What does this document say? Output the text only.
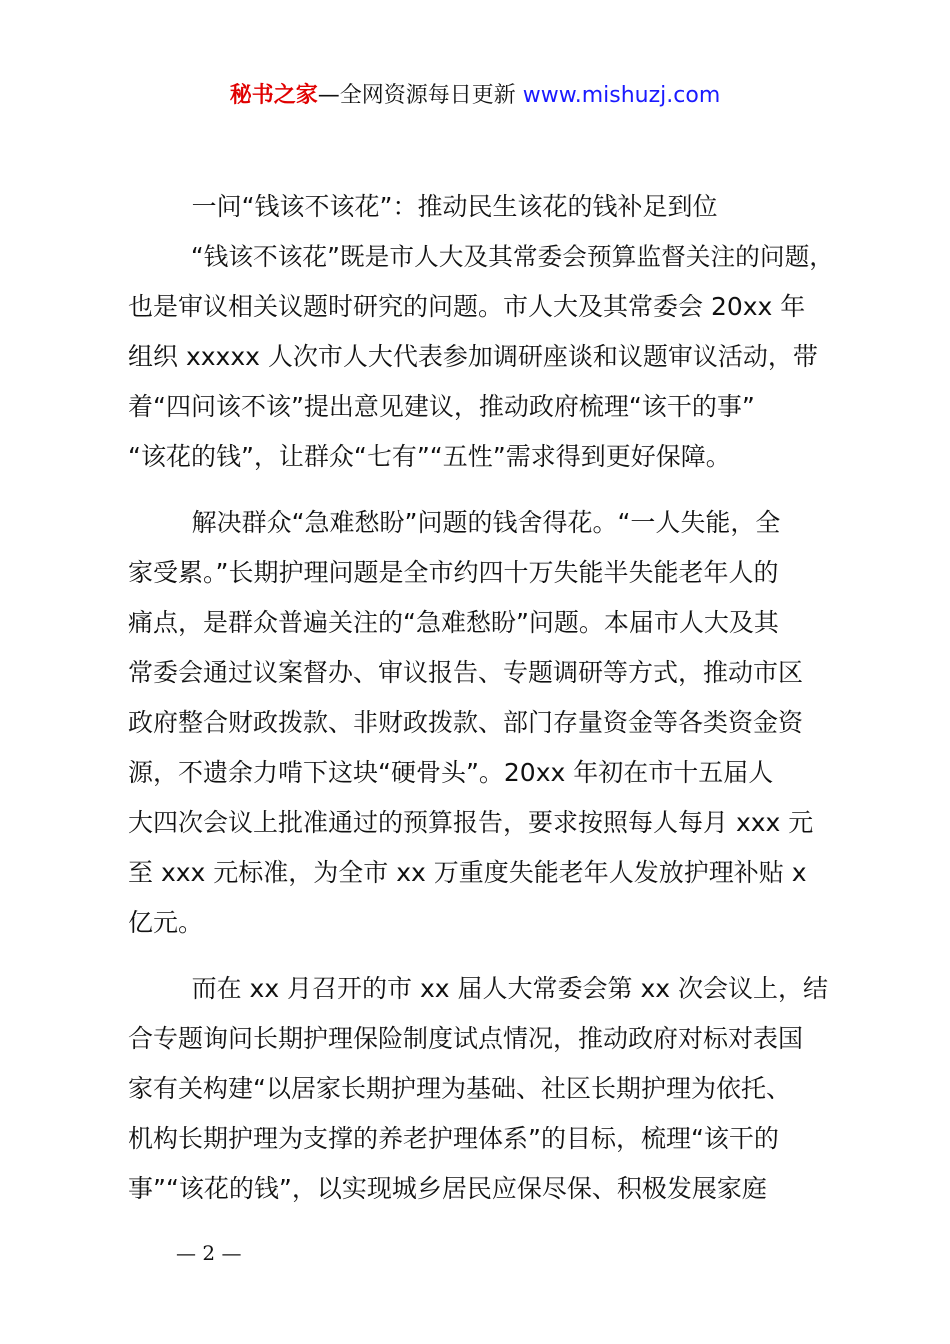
秘书之家—全网资源每日更新 www.mishuzj.com
一问“钱该不该花”：推动民生该花的钱补足到位
“钱该不该花”既是市人大及其常委会预算监督关注的问题，
也是审议相关议题时研究的问题。市人大及其常委会 20xx 年
组织 xxxxx 人次市人大代表参加调研座谈和议题审议活动，带
着“四问该不该”提出意见建议，推动政府梳理“该干的事”
“该花的钱”，让群众“七有”“五性”需求得到更好保障。
解决群众“急难愁盼”问题的钱舍得花。“一人失能，全
家受累。”长期护理问题是全市约四十万失能半失能老年人的
痛点，是群众普遍关注的“急难愁盼”问题。本届市人大及其
常委会通过议案督办、审议报告、专题调研等方式，推动市区
政府整合财政拨款、非财政拨款、部门存量资金等各类资金资
源，不遗余力啃下这块“硬骨头”。20xx 年初在市十五届人
大四次会议上批准通过的预算报告，要求按照每人每月 xxx 元
至 xxx 元标准，为全市 xx 万重度失能老年人发放护理补贴 x
亿元。
而在 xx 月召开的市 xx 届人大常委会第 xx 次会议上，结
合专题询问长期护理保险制度试点情况，推动政府对标对表国
家有关构建“以居家长期护理为基础、社区长期护理为依托、
机构长期护理为支撑的养老护理体系”的目标，梳理“该干的
事”“该花的钱”，以实现城乡居民应保尽保、积极发展家庭
— 2 —
